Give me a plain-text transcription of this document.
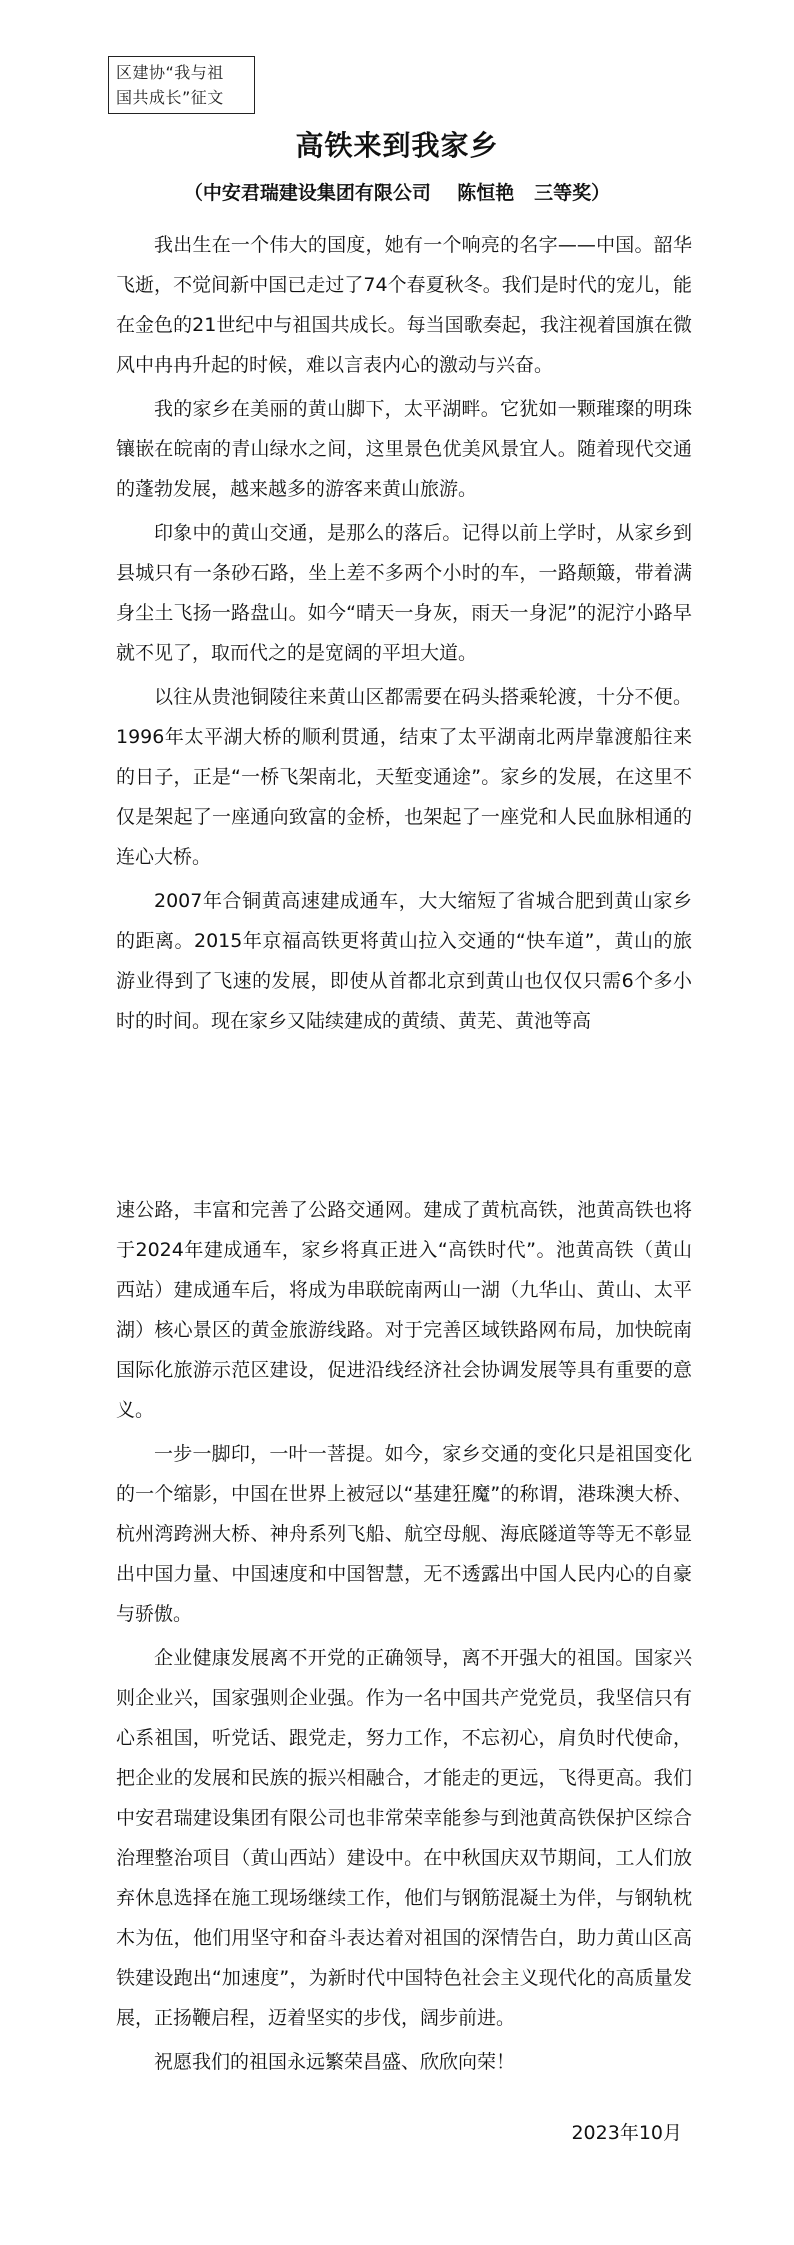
区建协“我与祖
国共成长”征文
高铁来到我家乡
（中安君瑞建设集团有限公司    陈恒艳   三等奖）

我出生在一个伟大的国度，她有一个响亮的名字——中国。韶华飞逝，不觉间新中国已走过了74个春夏秋冬。我们是时代的宠儿，能在金色的21世纪中与祖国共成长。每当国歌奏起，我注视着国旗在微风中冉冉升起的时候，难以言表内心的激动与兴奋。

我的家乡在美丽的黄山脚下，太平湖畔。它犹如一颗璀璨的明珠镶嵌在皖南的青山绿水之间，这里景色优美风景宜人。随着现代交通的蓬勃发展，越来越多的游客来黄山旅游。

印象中的黄山交通，是那么的落后。记得以前上学时，从家乡到县城只有一条砂石路，坐上差不多两个小时的车，一路颠簸，带着满身尘土飞扬一路盘山。如今“晴天一身灰，雨天一身泥”的泥泞小路早就不见了，取而代之的是宽阔的平坦大道。

以往从贵池铜陵往来黄山区都需要在码头搭乘轮渡，十分不便。1996年太平湖大桥的顺利贯通，结束了太平湖南北两岸靠渡船往来的日子，正是“一桥飞架南北，天堑变通途”。家乡的发展，在这里不仅是架起了一座通向致富的金桥，也架起了一座党和人民血脉相通的连心大桥。

2007年合铜黄高速建成通车，大大缩短了省城合肥到黄山家乡的距离。2015年京福高铁更将黄山拉入交通的“快车道”，黄山的旅游业得到了飞速的发展，即使从首都北京到黄山也仅仅只需6个多小时的时间。现在家乡又陆续建成的黄绩、黄芜、黄池等高

速公路，丰富和完善了公路交通网。建成了黄杭高铁，池黄高铁也将于2024年建成通车，家乡将真正进入“高铁时代”。池黄高铁（黄山西站）建成通车后，将成为串联皖南两山一湖（九华山、黄山、太平湖）核心景区的黄金旅游线路。对于完善区域铁路网布局，加快皖南国际化旅游示范区建设，促进沿线经济社会协调发展等具有重要的意义。

一步一脚印，一叶一菩提。如今，家乡交通的变化只是祖国变化的一个缩影，中国在世界上被冠以“基建狂魔”的称谓，港珠澳大桥、杭州湾跨洲大桥、神舟系列飞船、航空母舰、海底隧道等等无不彰显出中国力量、中国速度和中国智慧，无不透露出中国人民内心的自豪与骄傲。

企业健康发展离不开党的正确领导，离不开强大的祖国。国家兴则企业兴，国家强则企业强。作为一名中国共产党党员，我坚信只有心系祖国，听党话、跟党走，努力工作，不忘初心，肩负时代使命，把企业的发展和民族的振兴相融合，才能走的更远，飞得更高。我们中安君瑞建设集团有限公司也非常荣幸能参与到池黄高铁保护区综合治理整治项目（黄山西站）建设中。在中秋国庆双节期间，工人们放弃休息选择在施工现场继续工作，他们与钢筋混凝土为伴，与钢轨枕木为伍，他们用坚守和奋斗表达着对祖国的深情告白，助力黄山区高铁建设跑出“加速度”，为新时代中国特色社会主义现代化的高质量发展，正扬鞭启程，迈着坚实的步伐，阔步前进。

祝愿我们的祖国永远繁荣昌盛、欣欣向荣！

2023年10月
